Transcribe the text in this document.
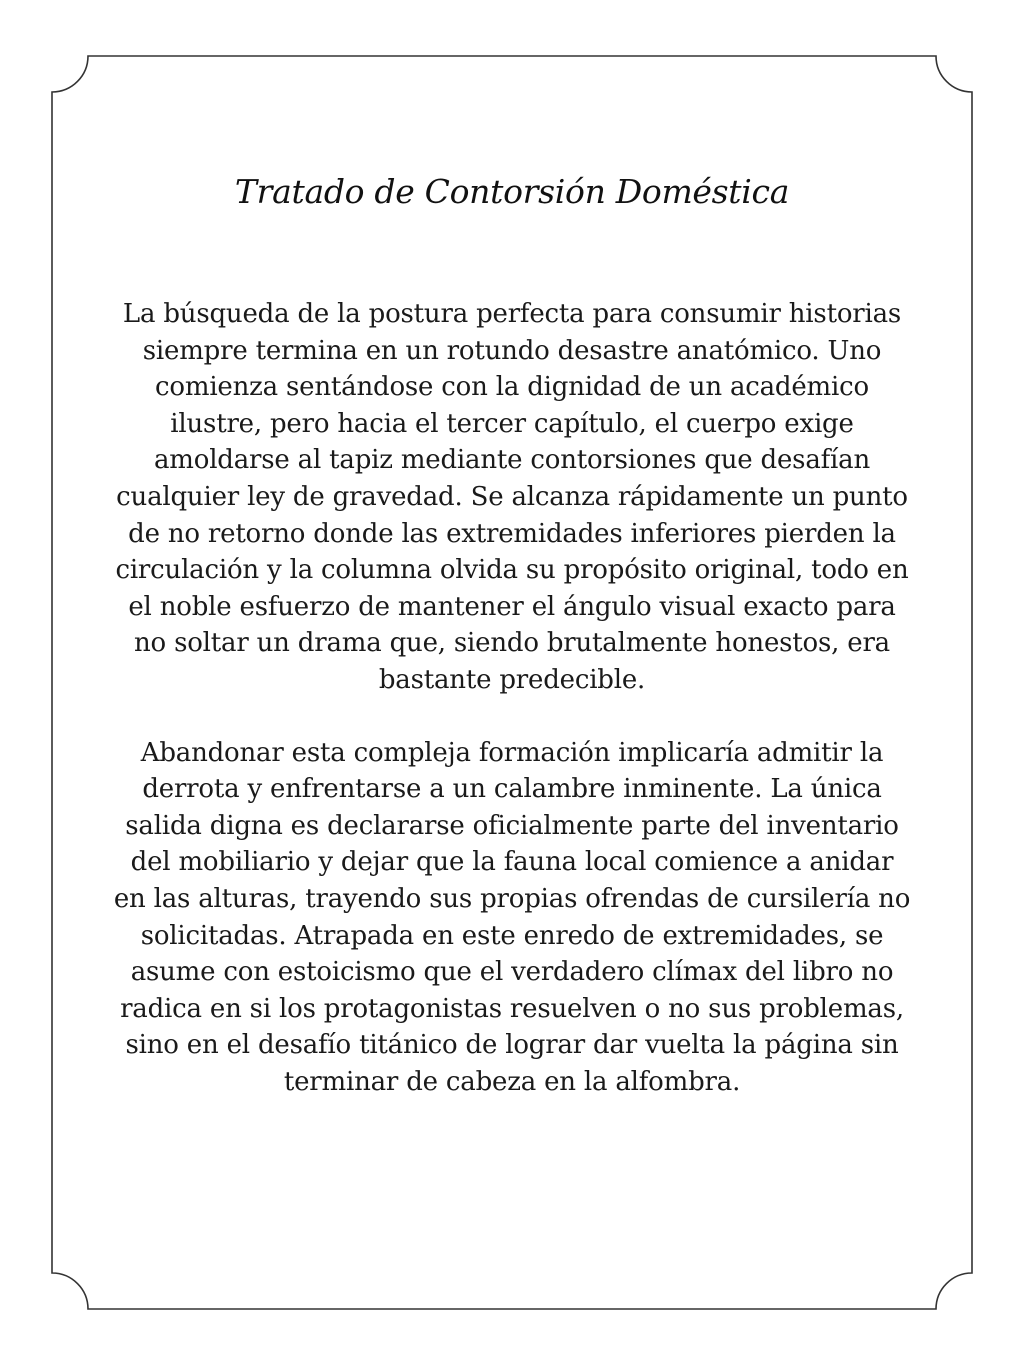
Tratado de Contorsión Doméstica

La búsqueda de la postura perfecta para consumir historias siempre termina en un rotundo desastre anatómico. Uno comienza sentándose con la dignidad de un académico ilustre, pero hacia el tercer capítulo, el cuerpo exige amoldarse al tapiz mediante contorsiones que desafían cualquier ley de gravedad. Se alcanza rápidamente un punto de no retorno donde las extremidades inferiores pierden la circulación y la columna olvida su propósito original, todo en el noble esfuerzo de mantener el ángulo visual exacto para no soltar un drama que, siendo brutalmente honestos, era bastante predecible.

Abandonar esta compleja formación implicaría admitir la derrota y enfrentarse a un calambre inminente. La única salida digna es declararse oficialmente parte del inventario del mobiliario y dejar que la fauna local comience a anidar en las alturas, trayendo sus propias ofrendas de cursilería no solicitadas. Atrapada en este enredo de extremidades, se asume con estoicismo que el verdadero clímax del libro no radica en si los protagonistas resuelven o no sus problemas, sino en el desafío titánico de lograr dar vuelta la página sin terminar de cabeza en la alfombra.
